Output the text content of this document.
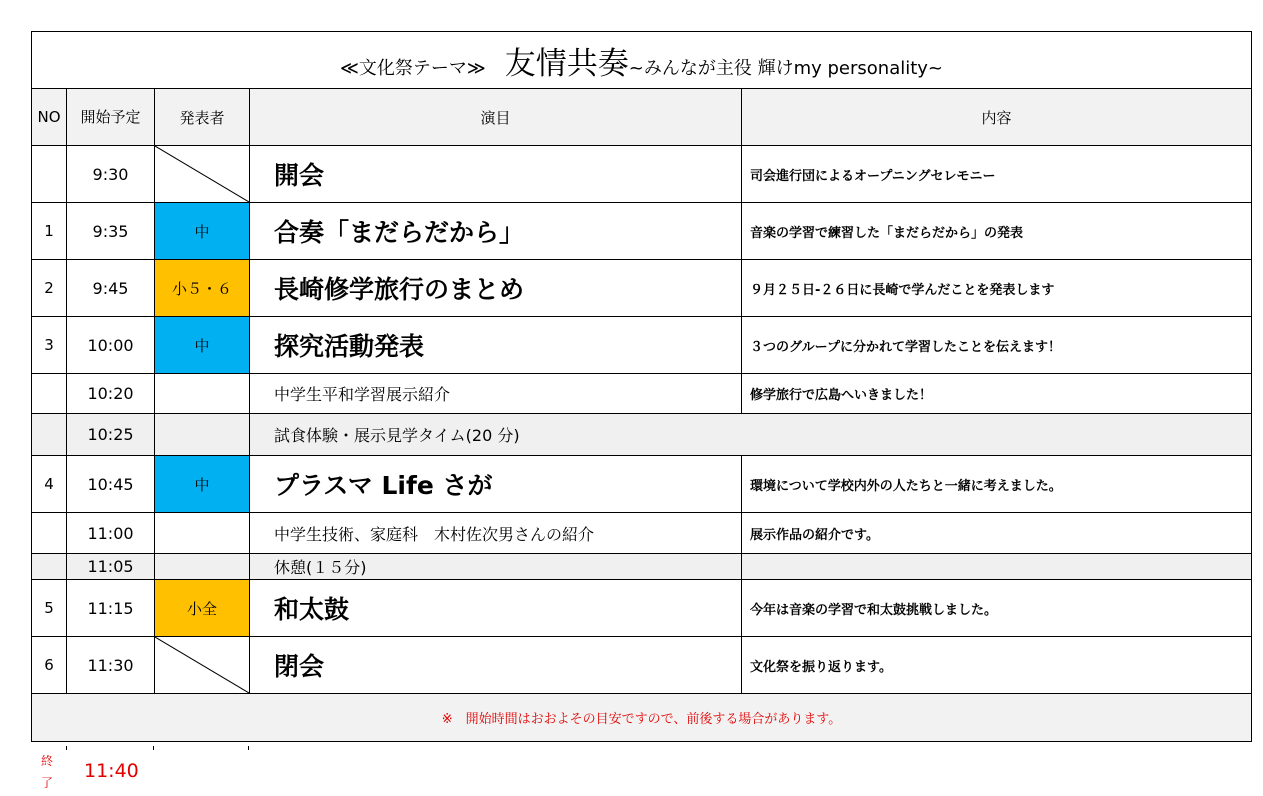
≪文化祭テーマ≫ 友情共奏~みんなが主役 輝けmy personality~				
NO	開始予定	発表者	演目	内容
	9:30		開会	司会進行団によるオープニングセレモニー
1	9:35	中	合奏「まだらだから」	音楽の学習で練習した「まだらだから」の発表
2	9:45	小５・６	長崎修学旅行のまとめ	９月２５日-２６日に長崎で学んだことを発表します
3	10:00	中	探究活動発表	３つのグループに分かれて学習したことを伝えます！
	10:20		中学生平和学習展示紹介	修学旅行で広島へいきました！
	10:25		試食体験・展示見学タイム(20 分)	
4	10:45	中	プラスマ Life さが	環境について学校内外の人たちと一緒に考えました。
	11:00		中学生技術、家庭科　木村佐次男さんの紹介	展示作品の紹介です。
	11:05		休憩(１５分)	
5	11:15	小全	和太鼓	今年は音楽の学習で和太鼓挑戦しました。
6	11:30		閉会	文化祭を振り返ります。
※　開始時間はおおよその目安ですので、前後する場合があります。				
終了
11:40
